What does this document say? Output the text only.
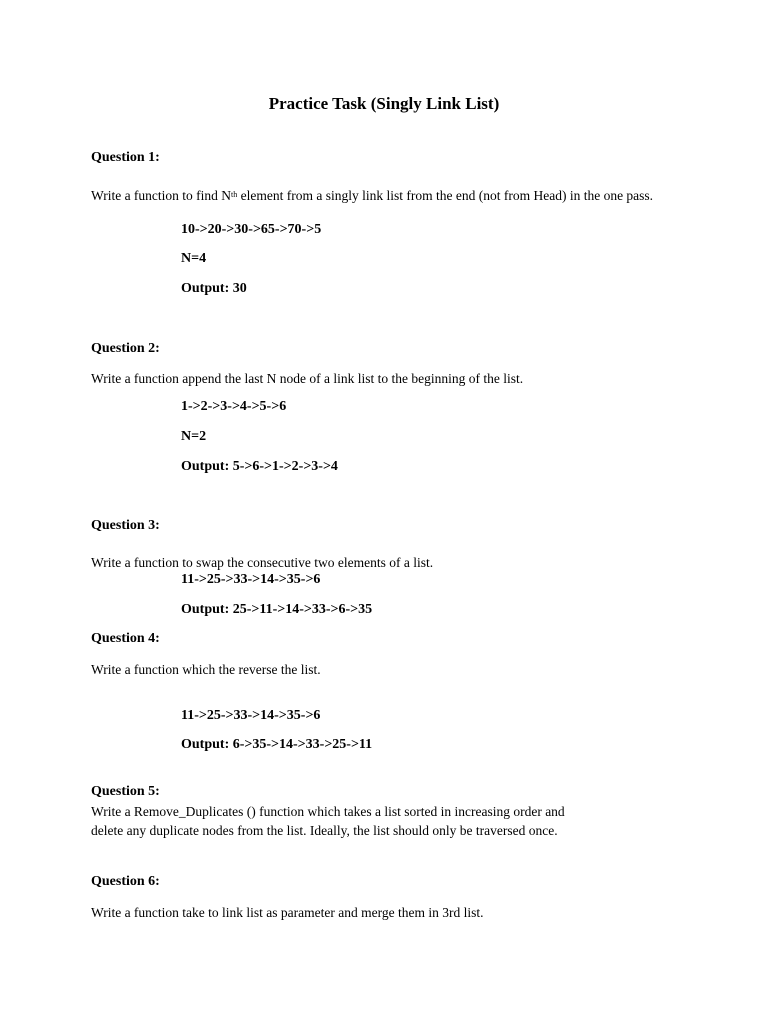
Practice Task (Singly Link List)
Question 1:
Write a function to find $N^{th}$ element from a singly link list from the end (not from Head) in the one pass.
10->20->30->65->70->5
N=4
Output: 30
Question 2:
Write a function append the last N node of a link list to the beginning of the list.
1->2->3->4->5->6
N=2
Output: 5->6->1->2->3->4
Question 3:
Write a function to swap the consecutive two elements of a list.
11->25->33->14->35->6
Output: 25->11->14->33->6->35
Question 4:
Write a function which the reverse the list.
11->25->33->14->35->6
Output: 6->35->14->33->25->11
Question 5:
Write a Remove_Duplicates () function which takes a list sorted in increasing order and
delete any duplicate nodes from the list. Ideally, the list should only be traversed once.
Question 6:
Write a function take to link list as parameter and merge them in 3rd list.
